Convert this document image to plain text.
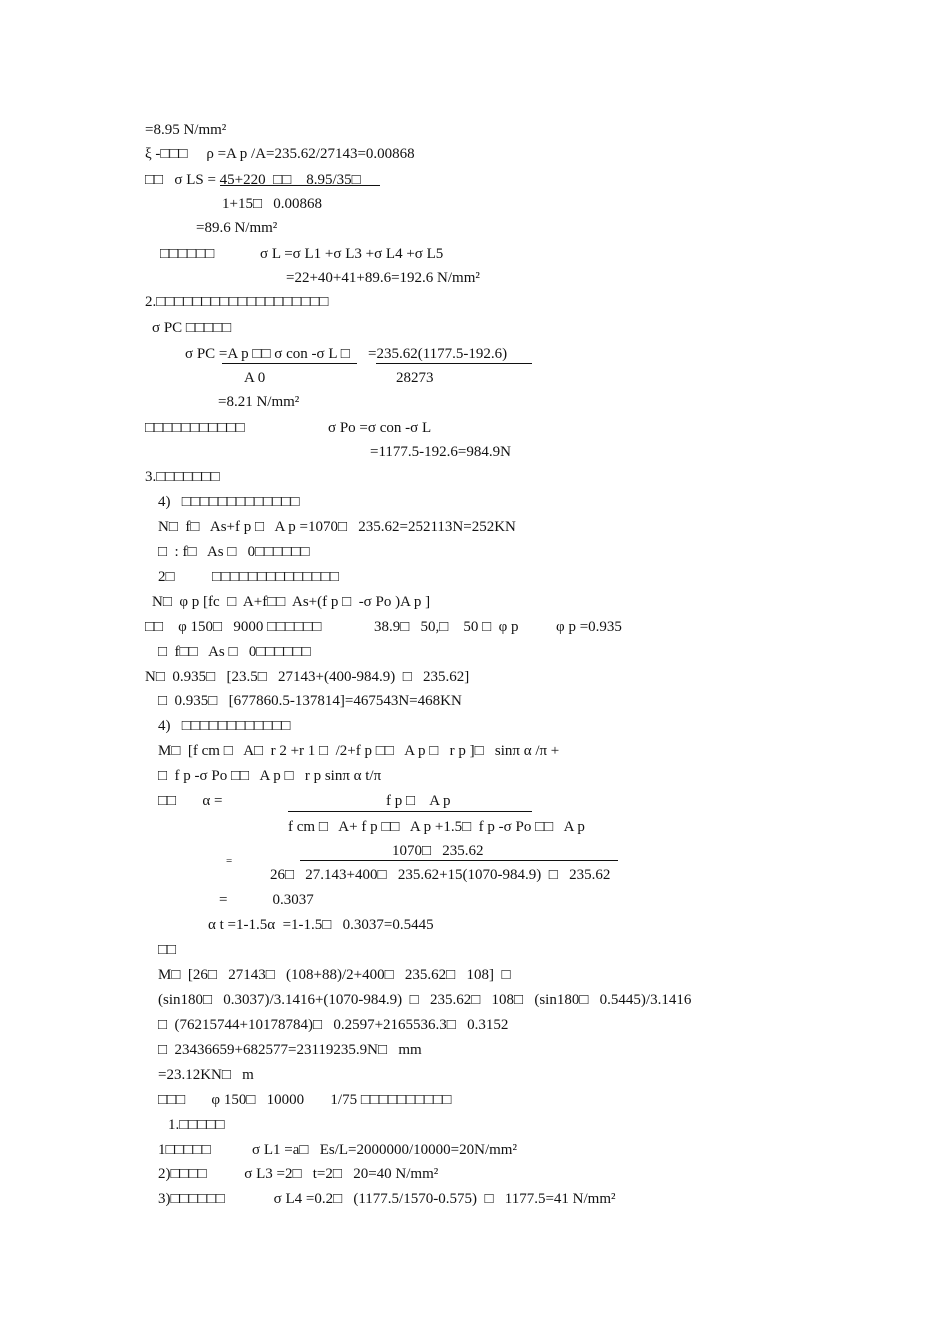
=8.95 N/mm²
ξ -□□□     ρ =A p /A=235.62/27143=0.00868
□□   σ LS = 45+220  □□    8.95/35□
1+15□   0.00868
=89.6 N/mm²
□□□□□□	σ L =σ L1 +σ L3 +σ L4 +σ L5
=22+40+41+89.6=192.6 N/mm²
2.□□□□□□□□□□□□□□□□□□□
σ PC □□□□□
σ PC =A p □□ σ con -σ L □ =235.62(1177.5-192.6)
A 0	28273
=8.21 N/mm²
□□□□□□□□□□□	σ Po =σ con -σ L
=1177.5-192.6=984.9N
3.□□□□□□□
4)   □□□□□□□□□□□□□
N□  f□   As+f p □   A p =1070□   235.62=252113N=252KN
□  : f□   As □   0□□□□□□
2□          □□□□□□□□□□□□□□
N□  φ p [fc  □  A+f□□  As+(f p □  -σ Po )A p ]
□□    φ 150□   9000 □□□□□□              38.9□   50,□    50 □  φ p          φ p =0.935
□  f□□   As □   0□□□□□□
N□  0.935□   [23.5□   27143+(400-984.9)  □   235.62]
□  0.935□   [677860.5-137814]=467543N=468KN
4)   □□□□□□□□□□□□
M□  [f cm □   A□  r 2 +r 1 □  /2+f p □□   A p □   r p ]□   sinπ α /π +
□  f p -σ Po □□   A p □   r p sinπ α t/π
□□       α =	f p □    A p
f cm □   A+ f p □□   A p +1.5□  f p -σ Po □□   A p
=
1070□   235.62
26□   27.143+400□   235.62+15(1070-984.9)  □   235.62
=            0.3037
α t =1-1.5α  =1-1.5□   0.3037=0.5445
□□
M□  [26□   27143□   (108+88)/2+400□   235.62□   108]  □
(sin180□   0.3037)/3.1416+(1070-984.9)  □   235.62□   108□   (sin180□   0.5445)/3.1416
□  (76215744+10178784)□   0.2597+2165536.3□   0.3152
□  23436659+682577=23119235.9N□   mm
=23.12KN□   m
□□□       φ 150□   10000       1/75 □□□□□□□□□□
1.□□□□□
1□□□□□           σ L1 =a□   Es/L=2000000/10000=20N/mm²
2)□□□□          σ L3 =2□   t=2□   20=40 N/mm²
3)□□□□□□             σ L4 =0.2□   (1177.5/1570-0.575)  □   1177.5=41 N/mm²
